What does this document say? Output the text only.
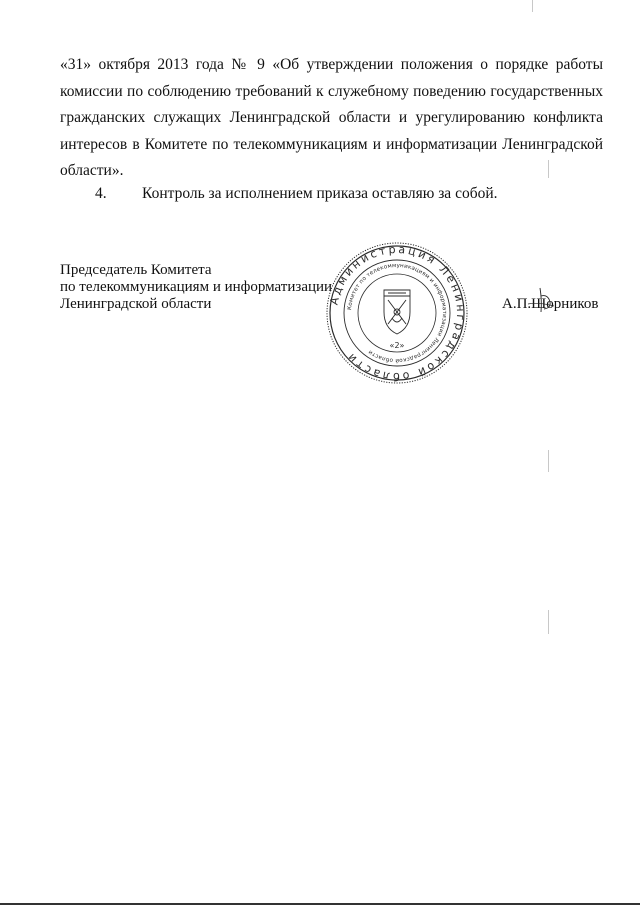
«31» октября 2013 года № 9 «Об утверждении положения о порядке работы комиссии по соблюдению требований к служебному поведению государственных гражданских служащих Ленинградской области и урегулированию конфликта интересов в Комитете по телекоммуникациям и информатизации Ленинградской области».

4. Контроль за исполнением приказа оставляю за собой.
Председатель Комитета
по телекоммуникациям и информатизации
Ленинградской области	Администрация Ленинградской области
Комитет по телекоммуникациям и информатизации Ленинградской области
«2»
А.П.Шорников
